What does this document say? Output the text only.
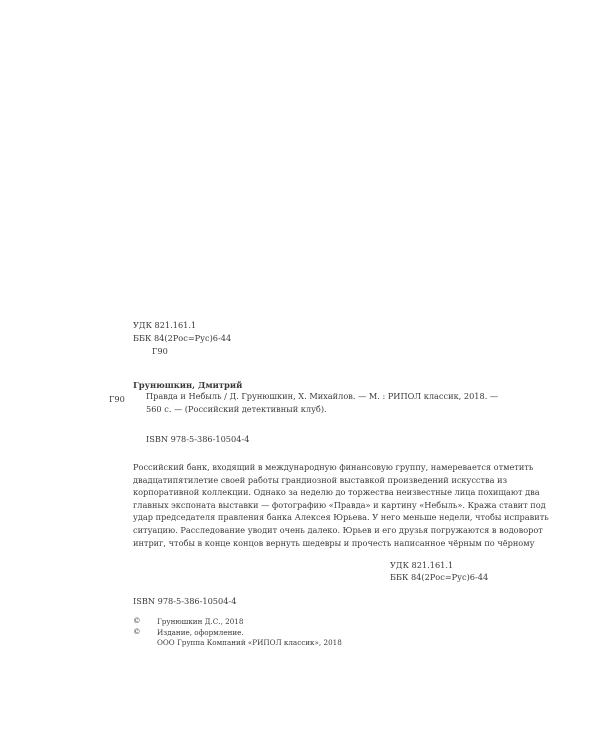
УДК 821.161.1
ББК 84(2Рос=Рус)6-44
Г90
Грунюшкин, Дмитрий
Г90	Правда и Небыль / Д. Грунюшкин, Х. Михайлов. — М. : РИПОЛ классик, 2018. —
560 с. — (Российский детективный клуб).
ISBN 978-5-386-10504-4
Российский банк, входящий в международную финансовую группу, намеревается отметить
двадцатипятилетие своей работы грандиозной выставкой произведений искусства из
корпоративной коллекции. Однако за неделю до торжества неизвестные лица похищают два
главных экспоната выставки — фотографию «Правда» и картину «Небыль». Кража ставит под
удар председателя правления банка Алексея Юрьева. У него меньше недели, чтобы исправить
ситуацию. Расследование уводит очень далеко. Юрьев и его друзья погружаются в водоворот
интриг, чтобы в конце концов вернуть шедевры и прочесть написанное чёрным по чёрному
УДК 821.161.1
ББК 84(2Рос=Рус)6-44
ISBN 978-5-386-10504-4
© Грунюшкин Д.С., 2018
© Издание, оформление.
ООО Группа Компаний «РИПОЛ классик», 2018
